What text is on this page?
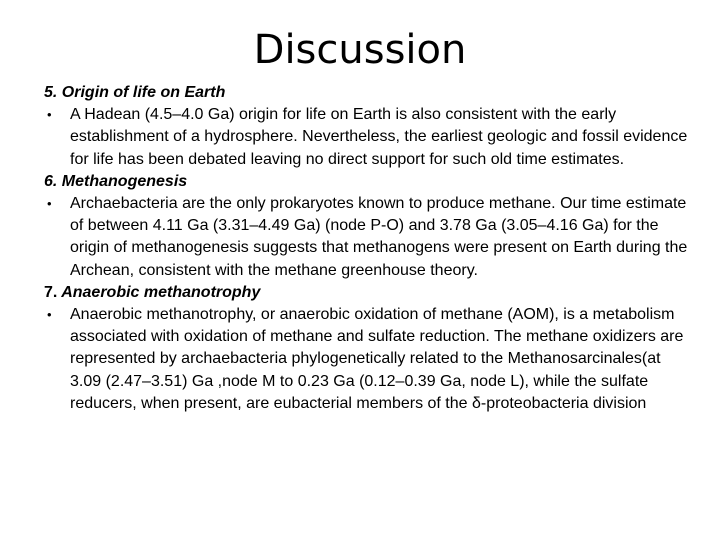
Discussion
5. Origin of life on Earth
•	A Hadean (4.5–4.0 Ga) origin for life on Earth is also consistent with the early establishment of a hydrosphere. Nevertheless, the earliest geologic and fossil evidence for life has been debated leaving no direct support for such old time estimates.
6. Methanogenesis
•	Archaebacteria are the only prokaryotes known to produce methane. Our time estimate of between 4.11 Ga (3.31–4.49 Ga) (node P-O) and 3.78 Ga (3.05–4.16 Ga) for the origin of methanogenesis suggests that methanogens were present on Earth during the Archean, consistent with the methane greenhouse theory.
7. Anaerobic methanotrophy
•	Anaerobic methanotrophy, or anaerobic oxidation of methane (AOM), is a metabolism associated with oxidation of methane and sulfate reduction. The methane oxidizers are represented by archaebacteria phylogenetically related to the Methanosarcinales(at 3.09 (2.47–3.51) Ga ,node M to 0.23 Ga (0.12–0.39 Ga, node L), while the sulfate reducers, when present, are eubacterial members of the δ-proteobacteria division
